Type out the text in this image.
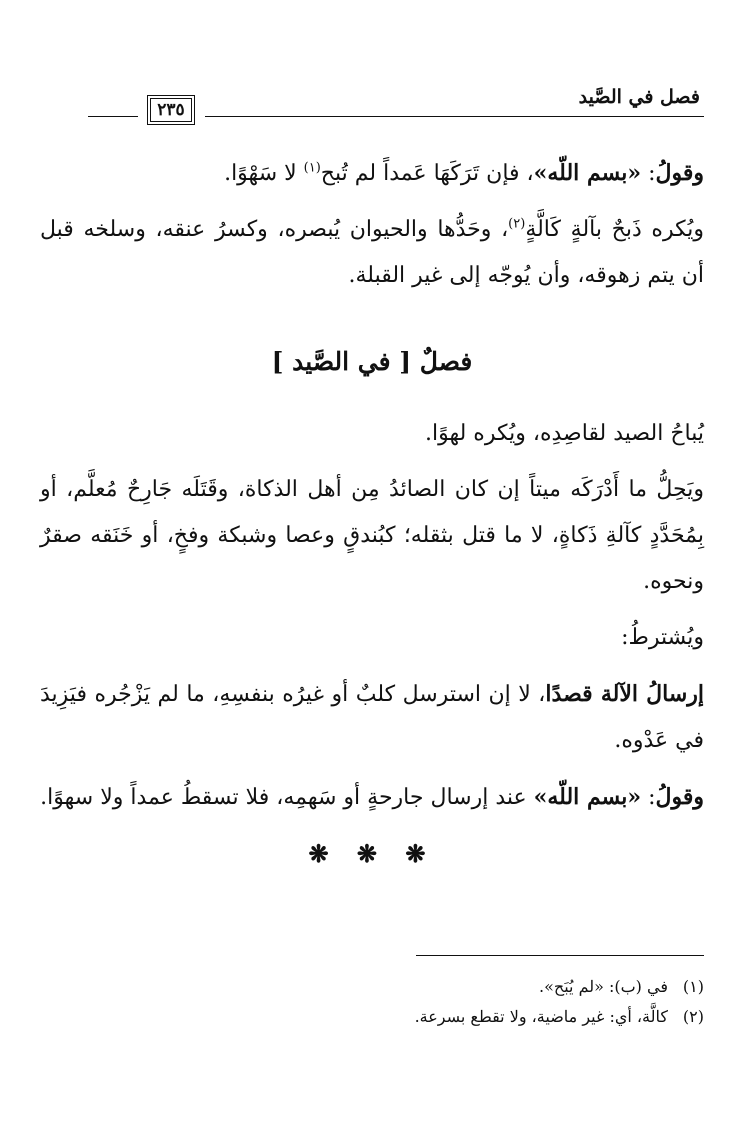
فصل في الصَّيد
٢٣٥

وقولُ: «بسم اللّه»، فإن تَرَكَهَا عَمداً لم تُبح$^{(١)}$ لا سَهْوًا.

ويُكره ذَبحٌ بآلةٍ كَالَّةٍ$^{(٢)}$، وحَدُّها والحيوان يُبصره، وكسرُ عنقه، وسلخه قبل أن يتم زهوقه، وأن يُوجّه إلى غير القبلة.

فصلٌ [ في الصَّيد ]

يُباحُ الصيد لقاصِدِه، ويُكره لهوًا.

ويَحِلُّ ما أَدْرَكَه ميتاً إن كان الصائدُ مِن أهل الذكاة، وقَتَلَه جَارِحٌ مُعلَّم، أو بِمُحَدَّدٍ كآلةِ ذَكاةٍ، لا ما قتل بثقله؛ كبُندقٍ وعصا وشبكة وفخٍ، أو خَنَقه صقرٌ ونحوه.

ويُشترطُ:

إرسالُ الآلة قصدًا، لا إن استرسل كلبٌ أو غيرُه بنفسِهِ، ما لم يَزْجُره فيَزِيدَ في عَدْوه.

وقولُ: «بسم اللّه» عند إرسال جارحةٍ أو سَهمِه، فلا تسقطُ عمداً ولا سهوًا.

❋ ❋ ❋
(١)في (ب): «لم يُبَح».
(٢)كالَّة، أي: غير ماضية، ولا تقطع بسرعة.
